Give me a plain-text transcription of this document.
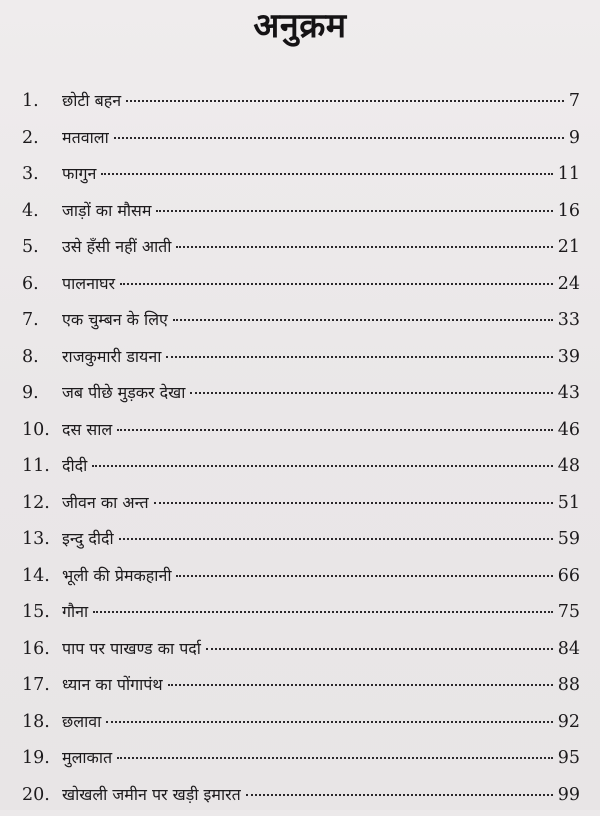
अनुक्रम
1.	छोटी बहन	7
2.	मतवाला	9
3.	फागुन	11
4.	जाड़ों का मौसम	16
5.	उसे हँसी नहीं आती	21
6.	पालनाघर	24
7.	एक चुम्बन के लिए	33
8.	राजकुमारी डायना	39
9.	जब पीछे मुड़कर देखा	43
10. दस साल	46
11. दीदी	48
12. जीवन का अन्त	51
13. इन्दु दीदी	59
14. भूली की प्रेमकहानी	66
15. गौना	75
16. पाप पर पाखण्ड का पर्दा	84
17. ध्यान का पोंगापंथ	88
18. छलावा	92
19. मुलाकात	95
20. खोखली जमीन पर खड़ी इमारत	99
